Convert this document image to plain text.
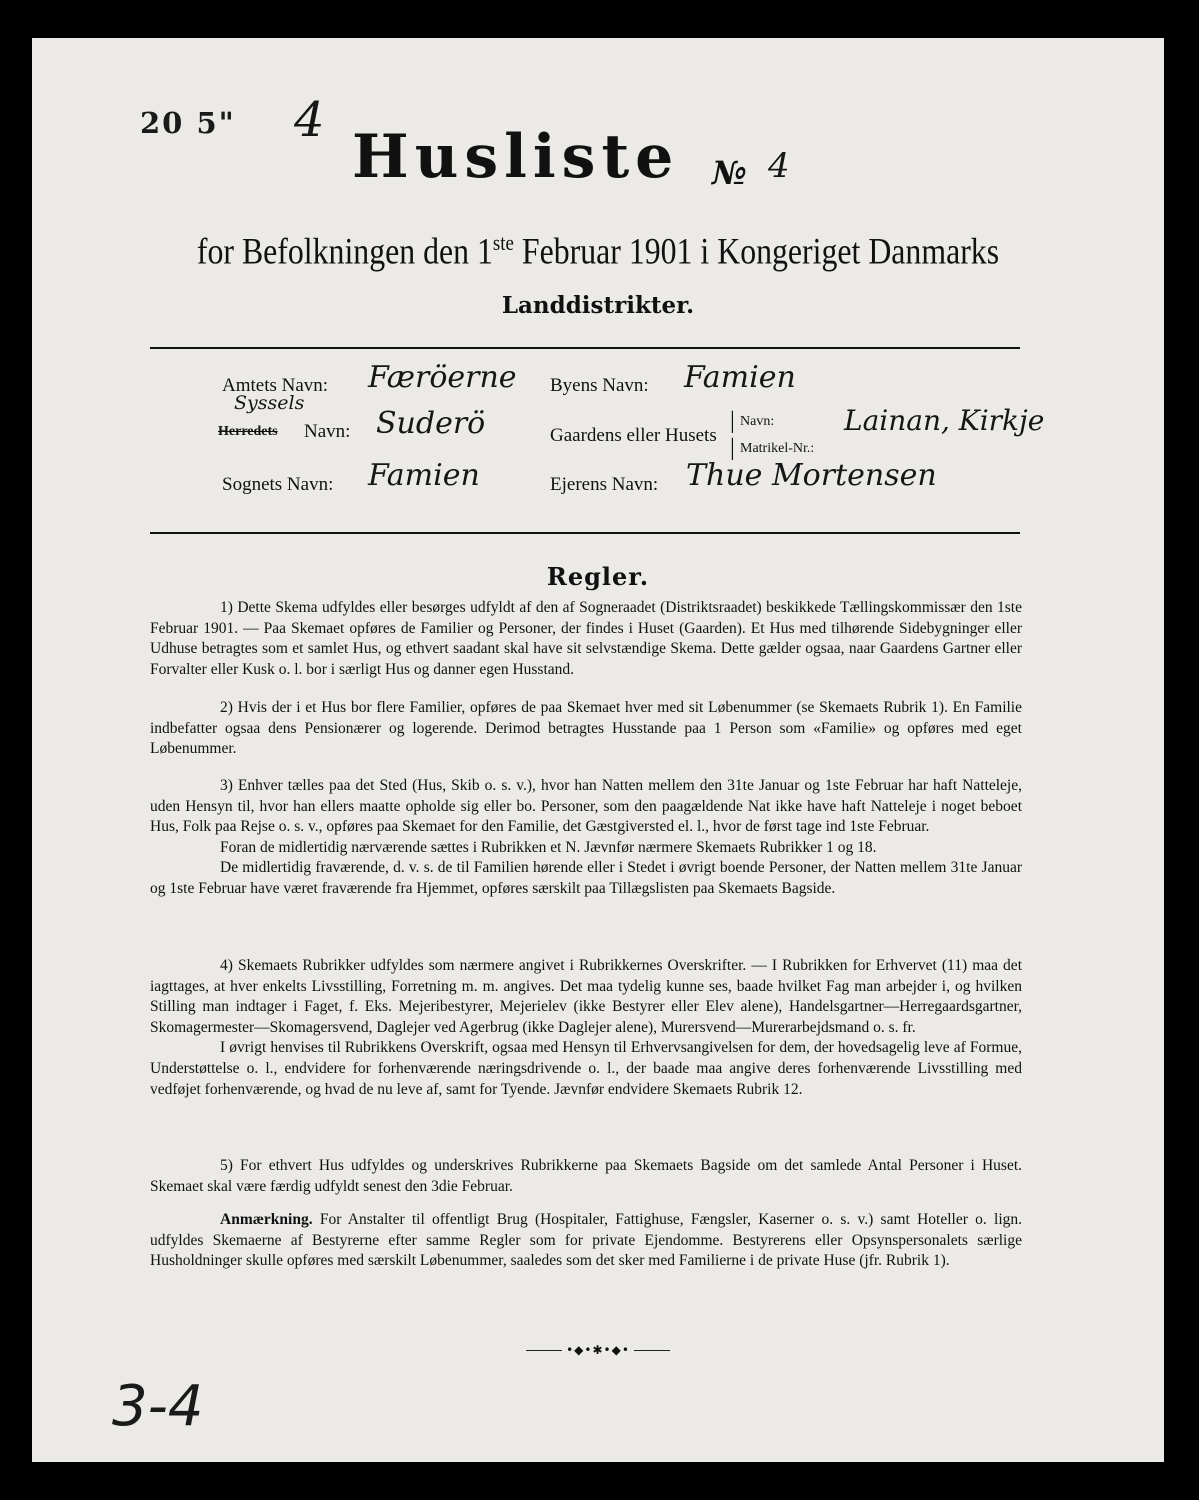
20 5" 4
Husliste № 4
for Befolkningen den 1ste Februar 1901 i Kongeriget Danmarks
Landdistrikter.
Amtets Navn: Færöerne
Syssels
Herredets Navn: Suderö
Sognets Navn: Famien
Byens Navn: Famien
Gaardens eller Husets
|
|
Navn:
Matrikel-Nr.:
Lainan, Kirkje
Ejerens Navn: Thue Mortensen
Regler.

1) Dette Skema udfyldes eller besørges udfyldt af den af Sogneraadet (Distriktsraadet) beskikkede Tællingskommissær den 1ste Februar 1901. — Paa Skemaet opføres de Familier og Personer, der findes i Huset (Gaarden). Et Hus med tilhørende Sidebygninger eller Udhuse betragtes som et samlet Hus, og ethvert saadant skal have sit selvstændige Skema. Dette gælder ogsaa, naar Gaardens Gartner eller Forvalter eller Kusk o. l. bor i særligt Hus og danner egen Husstand.

2) Hvis der i et Hus bor flere Familier, opføres de paa Skemaet hver med sit Løbenummer (se Skemaets Rubrik 1). En Familie indbefatter ogsaa dens Pensionærer og logerende. Derimod betragtes Husstande paa 1 Person som «Familie» og opføres med eget Løbenummer.

3) Enhver tælles paa det Sted (Hus, Skib o. s. v.), hvor han Natten mellem den 31te Januar og 1ste Februar har haft Natteleje, uden Hensyn til, hvor han ellers maatte opholde sig eller bo. Personer, som den paagældende Nat ikke have haft Natteleje i noget beboet Hus, Folk paa Rejse o. s. v., opføres paa Skemaet for den Familie, det Gæstgiversted el. l., hvor de først tage ind 1ste Februar.

Foran de midlertidig nærværende sættes i Rubrikken et N. Jævnfør nærmere Skemaets Rubrikker 1 og 18.

De midlertidig fraværende, d. v. s. de til Familien hørende eller i Stedet i øvrigt boende Personer, der Natten mellem 31te Januar og 1ste Februar have været fraværende fra Hjemmet, opføres særskilt paa Tillægslisten paa Skemaets Bagside.

4) Skemaets Rubrikker udfyldes som nærmere angivet i Rubrikkernes Overskrifter. — I Rubrikken for Erhvervet (11) maa det iagttages, at hver enkelts Livsstilling, Forretning m. m. angives. Det maa tydelig kunne ses, baade hvilket Fag man arbejder i, og hvilken Stilling man indtager i Faget, f. Eks. Mejeribestyrer, Mejerielev (ikke Bestyrer eller Elev alene), Handelsgartner—Herregaardsgartner, Skomagermester—Skomagersvend, Daglejer ved Agerbrug (ikke Daglejer alene), Murersvend—Murerarbejdsmand o. s. fr.

I øvrigt henvises til Rubrikkens Overskrift, ogsaa med Hensyn til Erhvervsangivelsen for dem, der hovedsagelig leve af Formue, Understøttelse o. l., endvidere for forhenværende næringsdrivende o. l., der baade maa angive deres forhenværende Livsstilling med vedføjet forhenværende, og hvad de nu leve af, samt for Tyende. Jævnfør endvidere Skemaets Rubrik 12.

5) For ethvert Hus udfyldes og underskrives Rubrikkerne paa Skemaets Bagside om det samlede Antal Personer i Huset. Skemaet skal være færdig udfyldt senest den 3die Februar.

Anmærkning. For Anstalter til offentligt Brug (Hospitaler, Fattighuse, Fængsler, Kaserner o. s. v.) samt Hoteller o. lign. udfyldes Skemaerne af Bestyrerne efter samme Regler som for private Ejendomme. Bestyrerens eller Opsynspersonalets særlige Husholdninger skulle opføres med særskilt Løbenummer, saaledes som det sker med Familierne i de private Huse (jfr. Rubrik 1).

•◆•✱•◆•
3-4
